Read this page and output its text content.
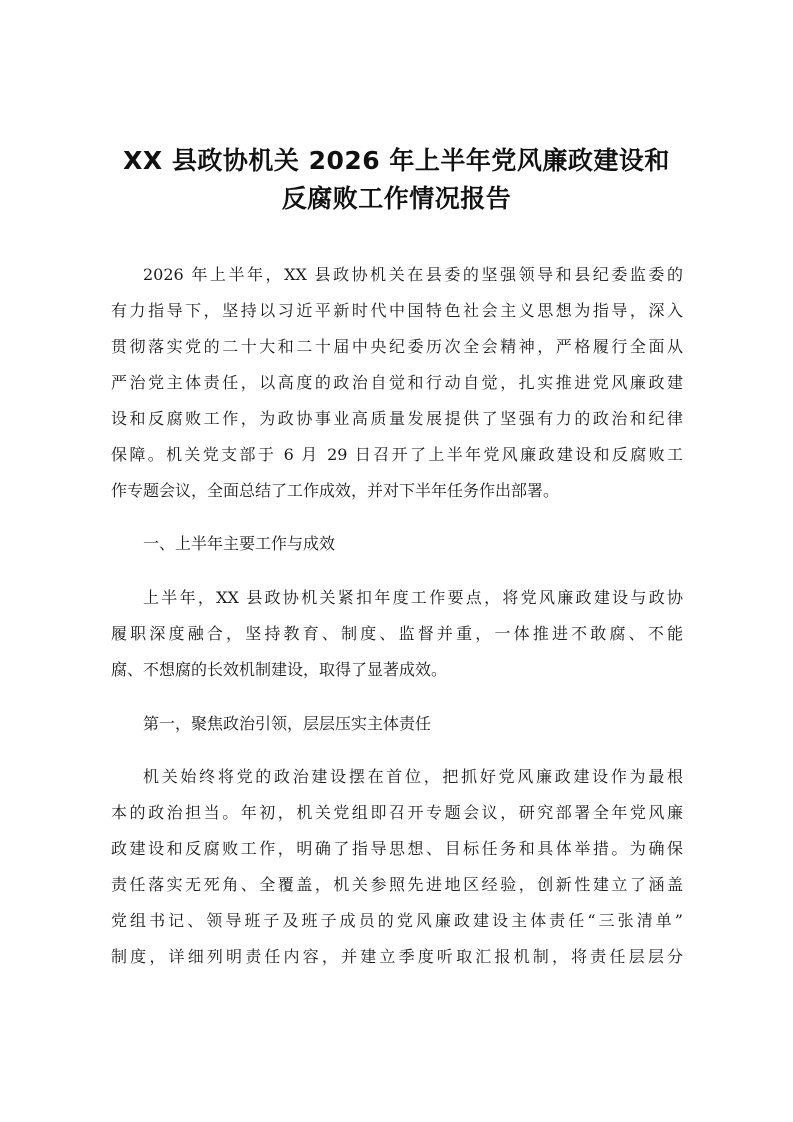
XX 县政协机关 2026 年上半年党风廉政建设和
反腐败工作情况报告
2026 年上半年，XX 县政协机关在县委的坚强领导和县纪委监委的
有力指导下，坚持以习近平新时代中国特色社会主义思想为指导，深入
贯彻落实党的二十大和二十届中央纪委历次全会精神，严格履行全面从
严治党主体责任，以高度的政治自觉和行动自觉，扎实推进党风廉政建
设和反腐败工作，为政协事业高质量发展提供了坚强有力的政治和纪律
保障。机关党支部于 6 月 29 日召开了上半年党风廉政建设和反腐败工
作专题会议，全面总结了工作成效，并对下半年任务作出部署。
一、上半年主要工作与成效
上半年，XX 县政协机关紧扣年度工作要点，将党风廉政建设与政协
履职深度融合，坚持教育、制度、监督并重，一体推进不敢腐、不能
腐、不想腐的长效机制建设，取得了显著成效。
第一，聚焦政治引领，层层压实主体责任
机关始终将党的政治建设摆在首位，把抓好党风廉政建设作为最根
本的政治担当。年初，机关党组即召开专题会议，研究部署全年党风廉
政建设和反腐败工作，明确了指导思想、目标任务和具体举措。为确保
责任落实无死角、全覆盖，机关参照先进地区经验，创新性建立了涵盖
党组书记、领导班子及班子成员的党风廉政建设主体责任“三张清单”
制度，详细列明责任内容，并建立季度听取汇报机制，将责任层层分
